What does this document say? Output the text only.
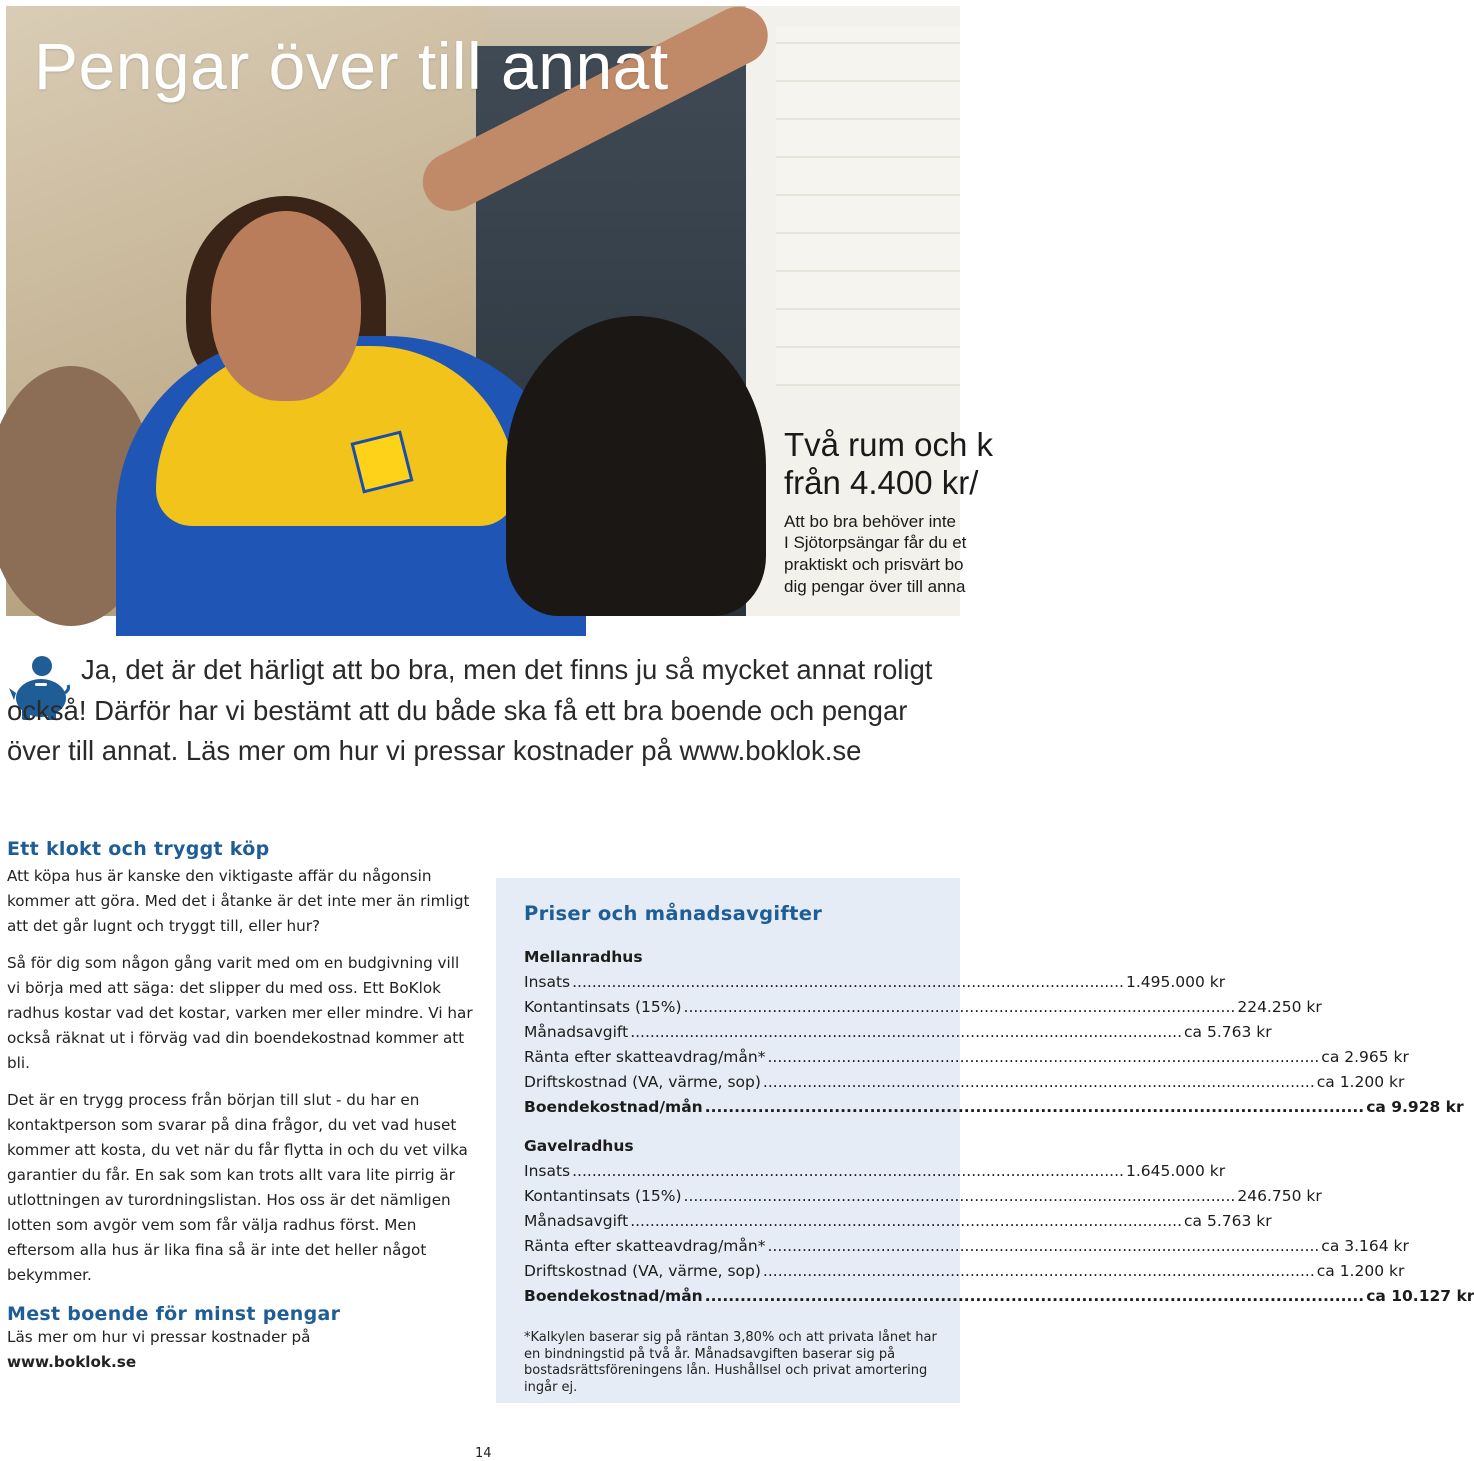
Två rum och k
från 4.400 kr/
Att bo bra behöver inte
I Sjötorpsängar får du et
praktiskt och prisvärt bo
dig pengar över till anna
Pengar över till annat

Ja, det är det härligt att bo bra, men det finns ju så mycket annat roligt också! Därför har vi bestämt att du både ska få ett bra boende och pengar över till annat. Läs mer om hur vi pressar kostnader på www.boklok.se

Ett klokt och tryggt köp

Att köpa hus är kanske den viktigaste affär du någonsin kommer att göra. Med det i åtanke är det inte mer än rimligt att det går lugnt och tryggt till, eller hur?

Så för dig som någon gång varit med om en budgivning vill vi börja med att säga: det slipper du med oss. Ett BoKlok radhus kostar vad det kostar, varken mer eller mindre. Vi har också räknat ut i förväg vad din boendekostnad kommer att bli.

Det är en trygg process från början till slut - du har en kontaktperson som svarar på dina frågor, du vet vad huset kommer att kosta, du vet när du får flytta in och du vet vilka garantier du får. En sak som kan trots allt vara lite pirrig är utlottningen av turordningslistan. Hos oss är det nämligen lotten som avgör vem som får välja radhus först. Men eftersom alla hus är lika fina så är inte det heller något bekymmer.

Mest boende för minst pengar

Läs mer om hur vi pressar kostnader på

www.boklok.se

Priser och månadsavgifter

Mellanradhus

Insats .....	1.495.000 kr
Kontantinsats (15%) .....	224.250 kr
Månadsavgift .....	ca 5.763 kr
Ränta efter skatteavdrag/mån* .....	ca 2.965 kr
Driftskostnad (VA, värme, sop) .....	ca 1.200 kr
Boendekostnad/mån .....	ca 9.928 kr

Gavelradhus

Insats .....	1.645.000 kr
Kontantinsats (15%) .....	246.750 kr
Månadsavgift .....	ca 5.763 kr
Ränta efter skatteavdrag/mån* .....	ca 3.164 kr
Driftskostnad (VA, värme, sop) .....	ca 1.200 kr
Boendekostnad/mån .....	ca 10.127 kr

*Kalkylen baserar sig på räntan 3,80% och att privata lånet har en bindningstid på två år. Månadsavgiften baserar sig på bostadsrättsföreningens lån. Hushållsel och privat amortering ingår ej.

14
